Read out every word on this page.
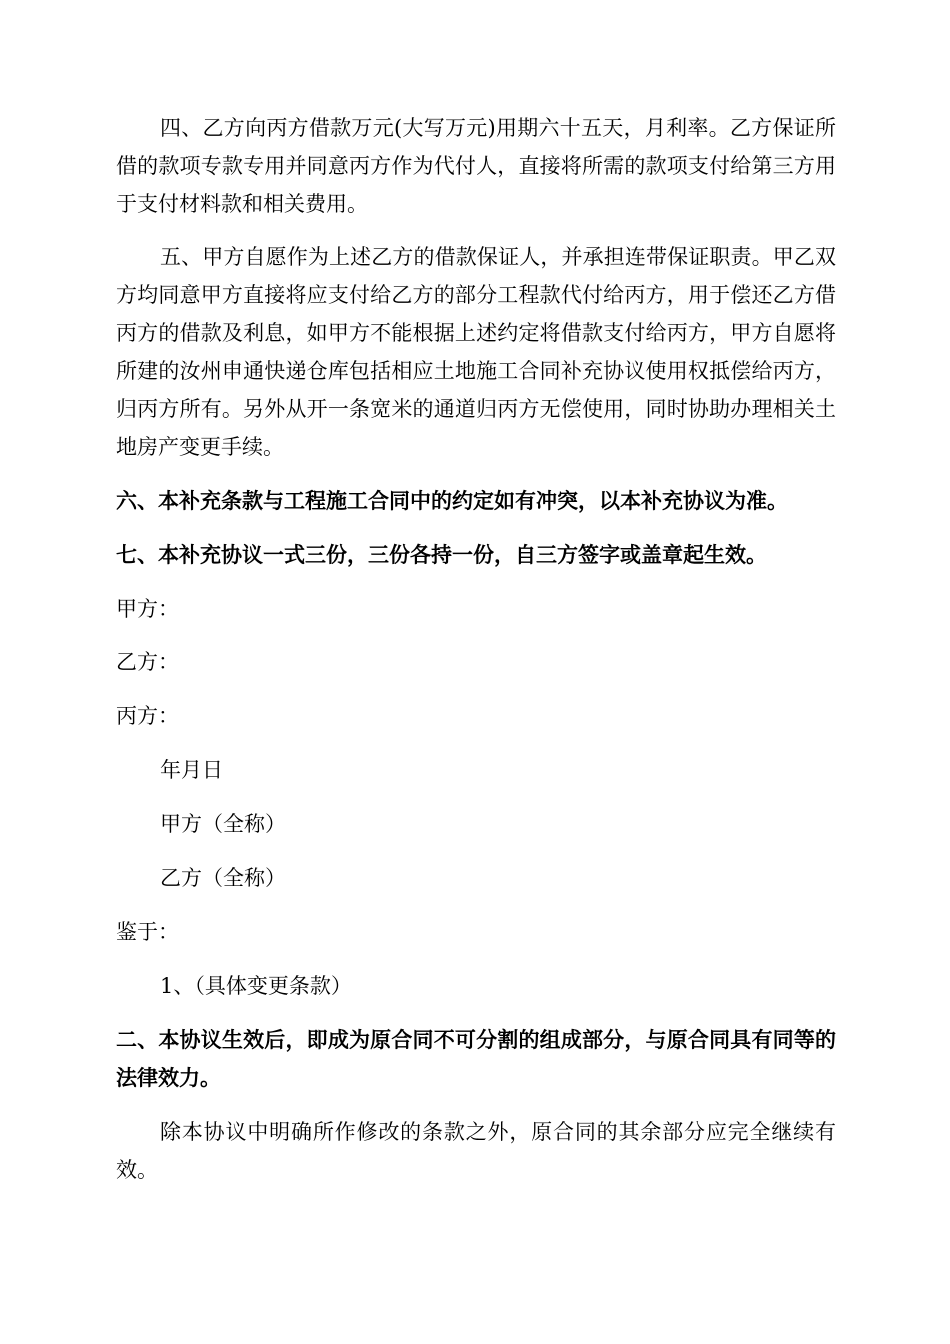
四、乙方向丙方借款万元(大写万元)用期六十五天，月利率。乙方保证所借的款项专款专用并同意丙方作为代付人，直接将所需的款项支付给第三方用于支付材料款和相关费用。

五、甲方自愿作为上述乙方的借款保证人，并承担连带保证职责。甲乙双方均同意甲方直接将应支付给乙方的部分工程款代付给丙方，用于偿还乙方借丙方的借款及利息，如甲方不能根据上述约定将借款支付给丙方，甲方自愿将所建的汝州申通快递仓库包括相应土地施工合同补充协议使用权抵偿给丙方，归丙方所有。另外从开一条宽米的通道归丙方无偿使用，同时协助办理相关土地房产变更手续。

六、本补充条款与工程施工合同中的约定如有冲突，以本补充协议为准。

七、本补充协议一式三份，三份各持一份，自三方签字或盖章起生效。

甲方：

乙方：

丙方：

年月日

甲方（全称）

乙方（全称）

鉴于：

1、（具体变更条款）

二、本协议生效后，即成为原合同不可分割的组成部分，与原合同具有同等的法律效力。

除本协议中明确所作修改的条款之外，原合同的其余部分应完全继续有效。
